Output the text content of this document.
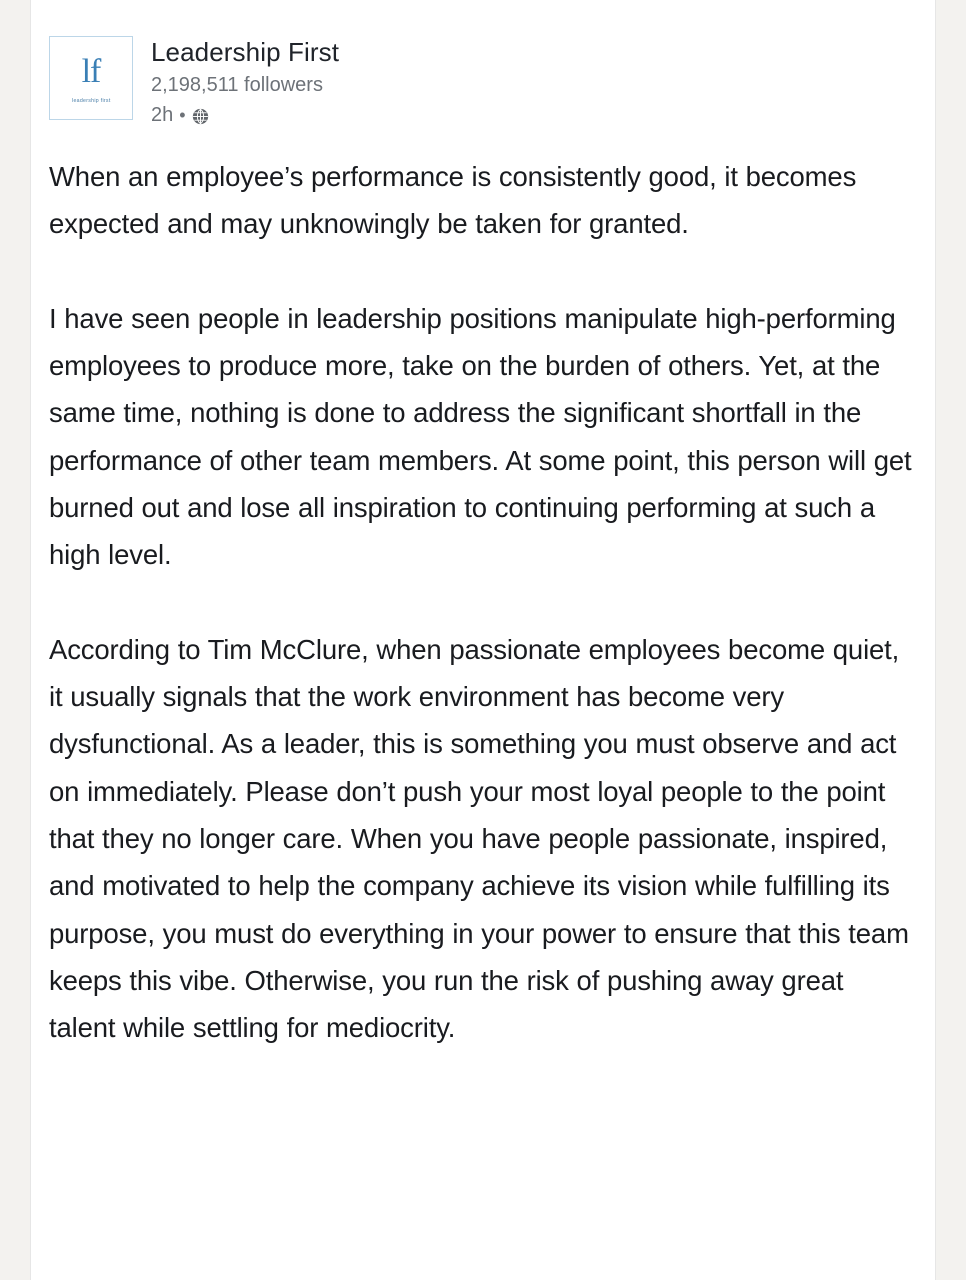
lf
leadership first
Leadership First
2,198,511 followers
2h •

When an employee’s performance is consistently good, it becomes expected and may unknowingly be taken for granted.

I have seen people in leadership positions manipulate high-performing employees to produce more, take on the burden of others. Yet, at the same time, nothing is done to address the significant shortfall in the performance of other team members. At some point, this person will get burned out and lose all inspiration to continuing performing at such a high level.

According to Tim McClure, when passionate employees become quiet, it usually signals that the work environment has become very dysfunctional. As a leader, this is something you must observe and act on immediately. Please don’t push your most loyal people to the point that they no longer care. When you have people passionate, inspired, and motivated to help the company achieve its vision while fulfilling its purpose, you must do everything in your power to ensure that this team keeps this vibe. Otherwise, you run the risk of pushing away great talent while settling for mediocrity.
